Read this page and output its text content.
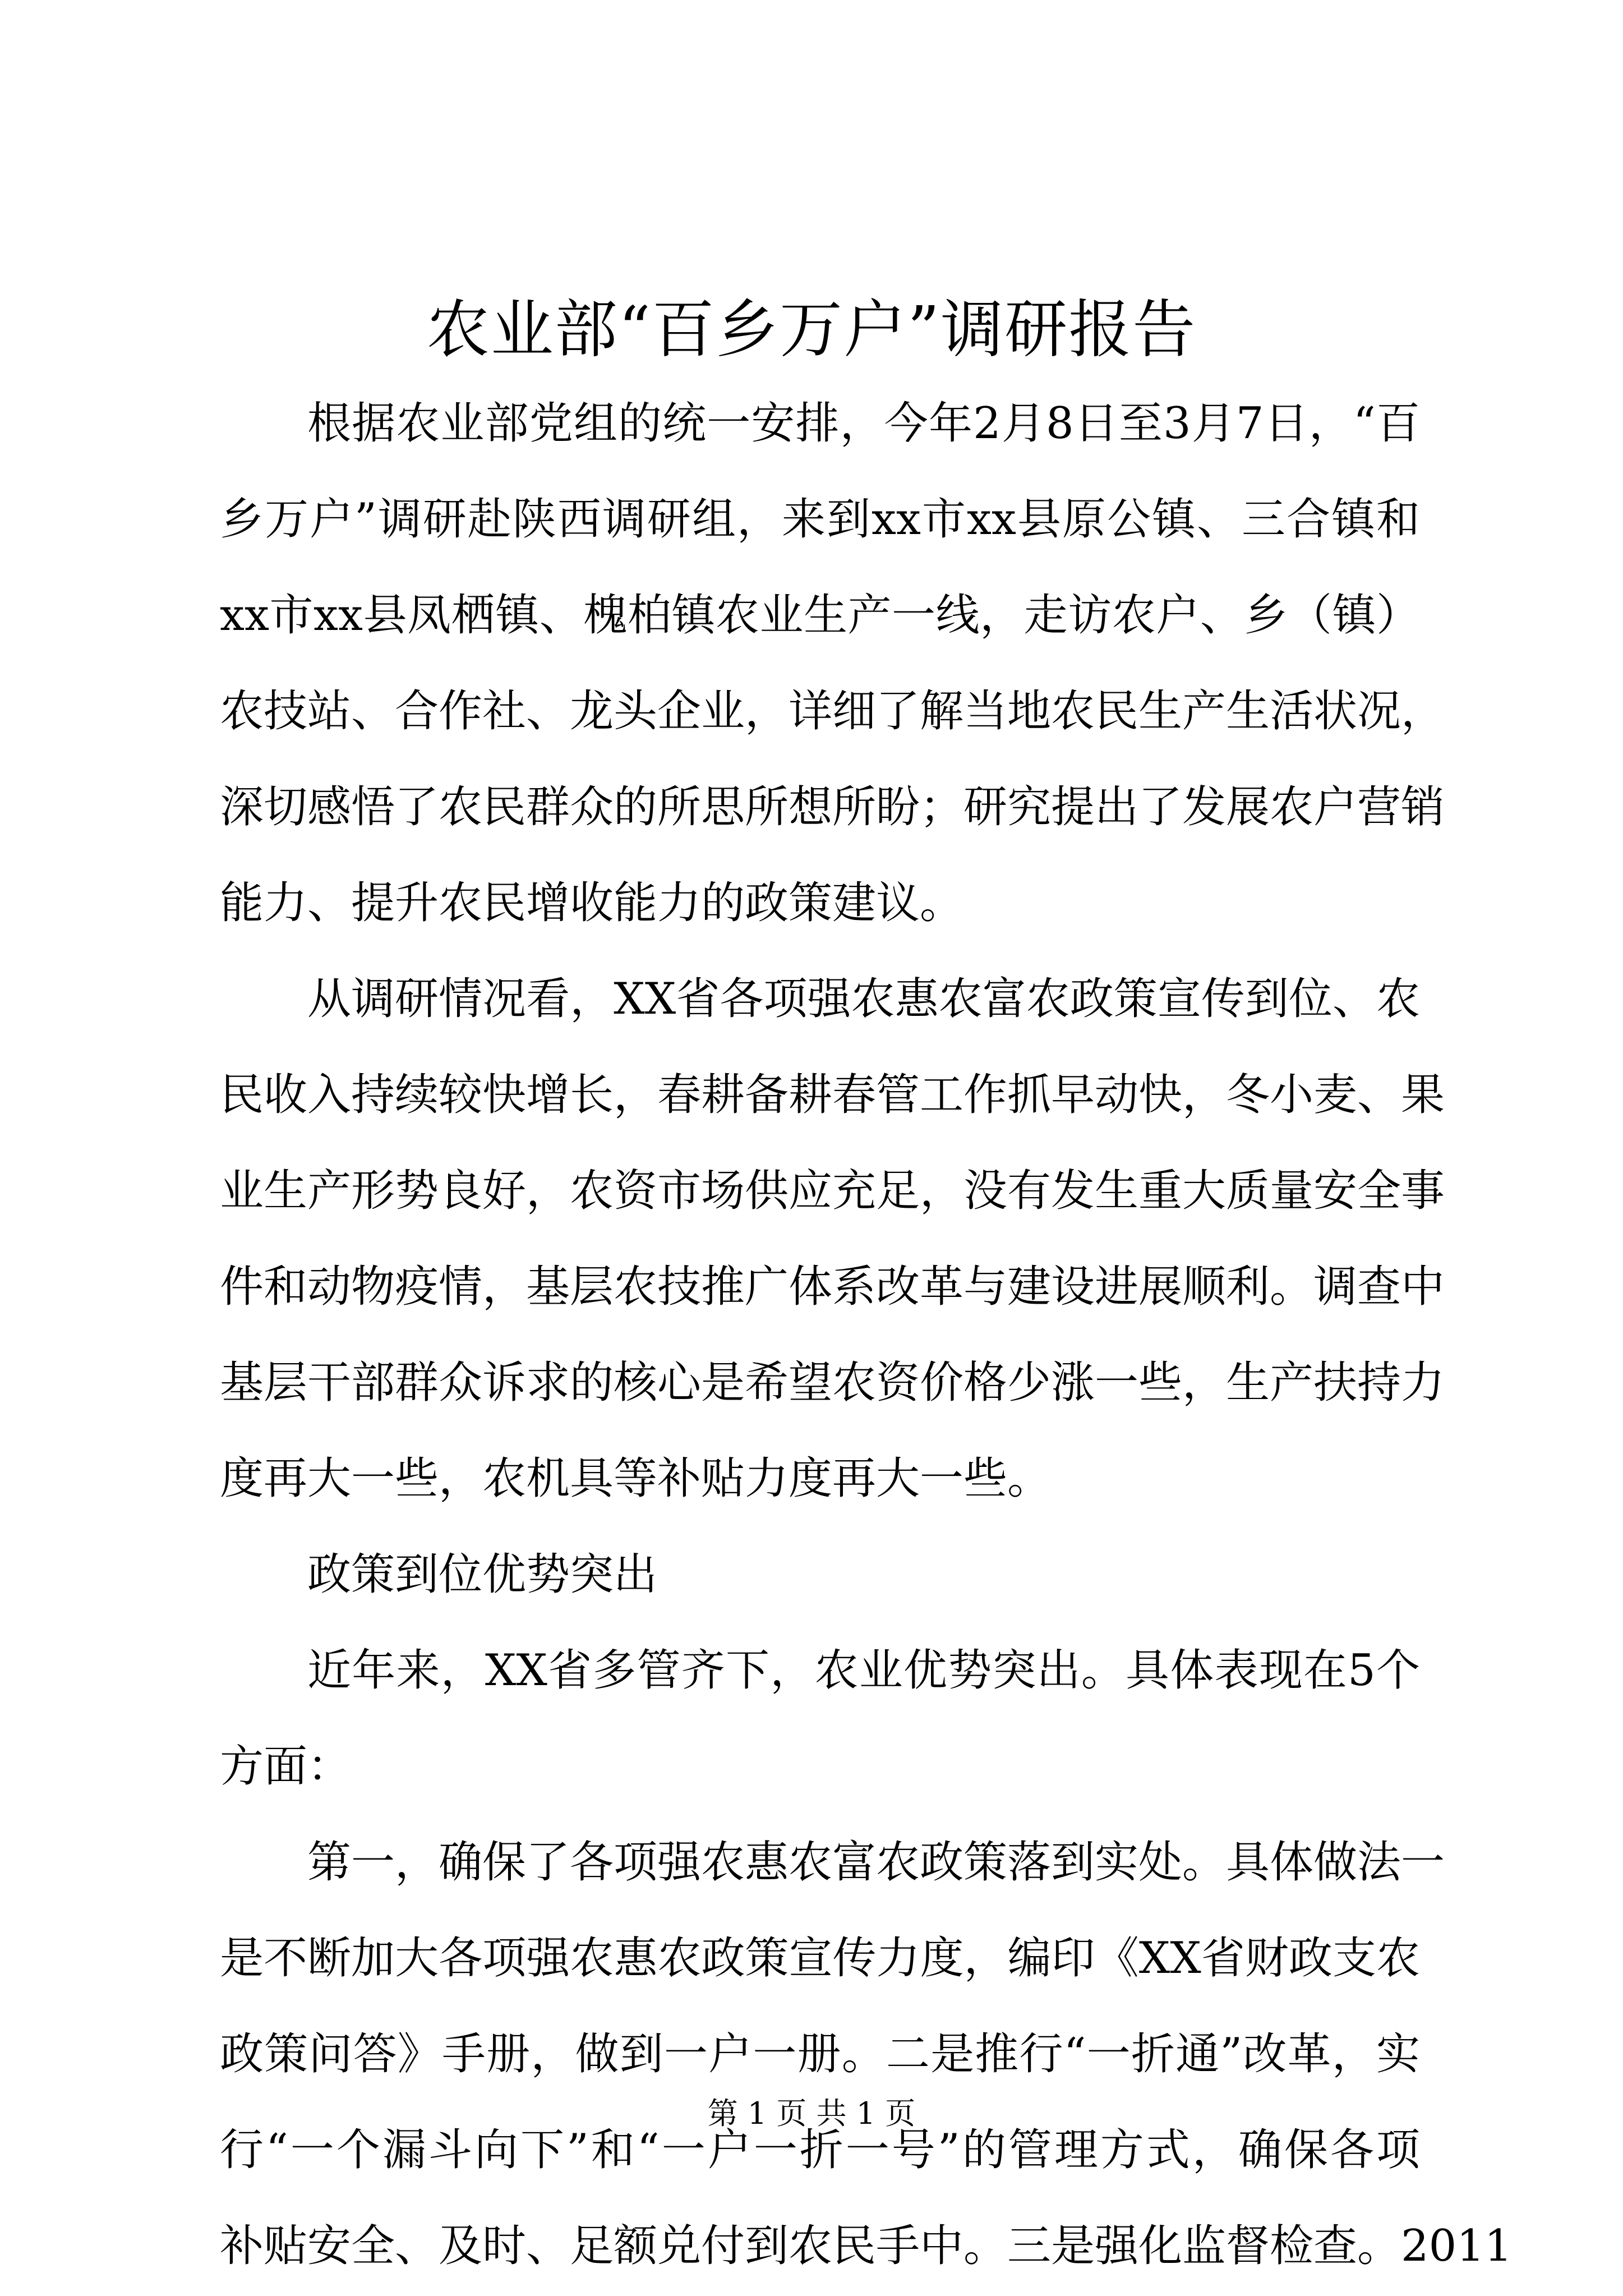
农业部“百乡万户”调研报告
根据农业部党组的统一安排，今年2月8日至3月7日，“百
乡万户”调研赴陕西调研组，来到xx市xx县原公镇、三合镇和
xx市xx县凤栖镇、槐柏镇农业生产一线，走访农户、乡（镇）
农技站、合作社、龙头企业，详细了解当地农民生产生活状况，
深切感悟了农民群众的所思所想所盼；研究提出了发展农户营销
能力、提升农民增收能力的政策建议。
从调研情况看，XX省各项强农惠农富农政策宣传到位、农
民收入持续较快增长，春耕备耕春管工作抓早动快，冬小麦、果
业生产形势良好，农资市场供应充足，没有发生重大质量安全事
件和动物疫情，基层农技推广体系改革与建设进展顺利。调查中
基层干部群众诉求的核心是希望农资价格少涨一些，生产扶持力
度再大一些，农机具等补贴力度再大一些。
政策到位优势突出
近年来，XX省多管齐下，农业优势突出。具体表现在5个
方面：
第一，确保了各项强农惠农富农政策落到实处。具体做法一
是不断加大各项强农惠农政策宣传力度，编印《XX省财政支农
政策问答》手册，做到一户一册。二是推行“一折通”改革，实
行“一个漏斗向下”和“一户一折一号”的管理方式，确保各项
补贴安全、及时、足额兑付到农民手中。三是强化监督检查。2011
第 1 页 共 1 页
